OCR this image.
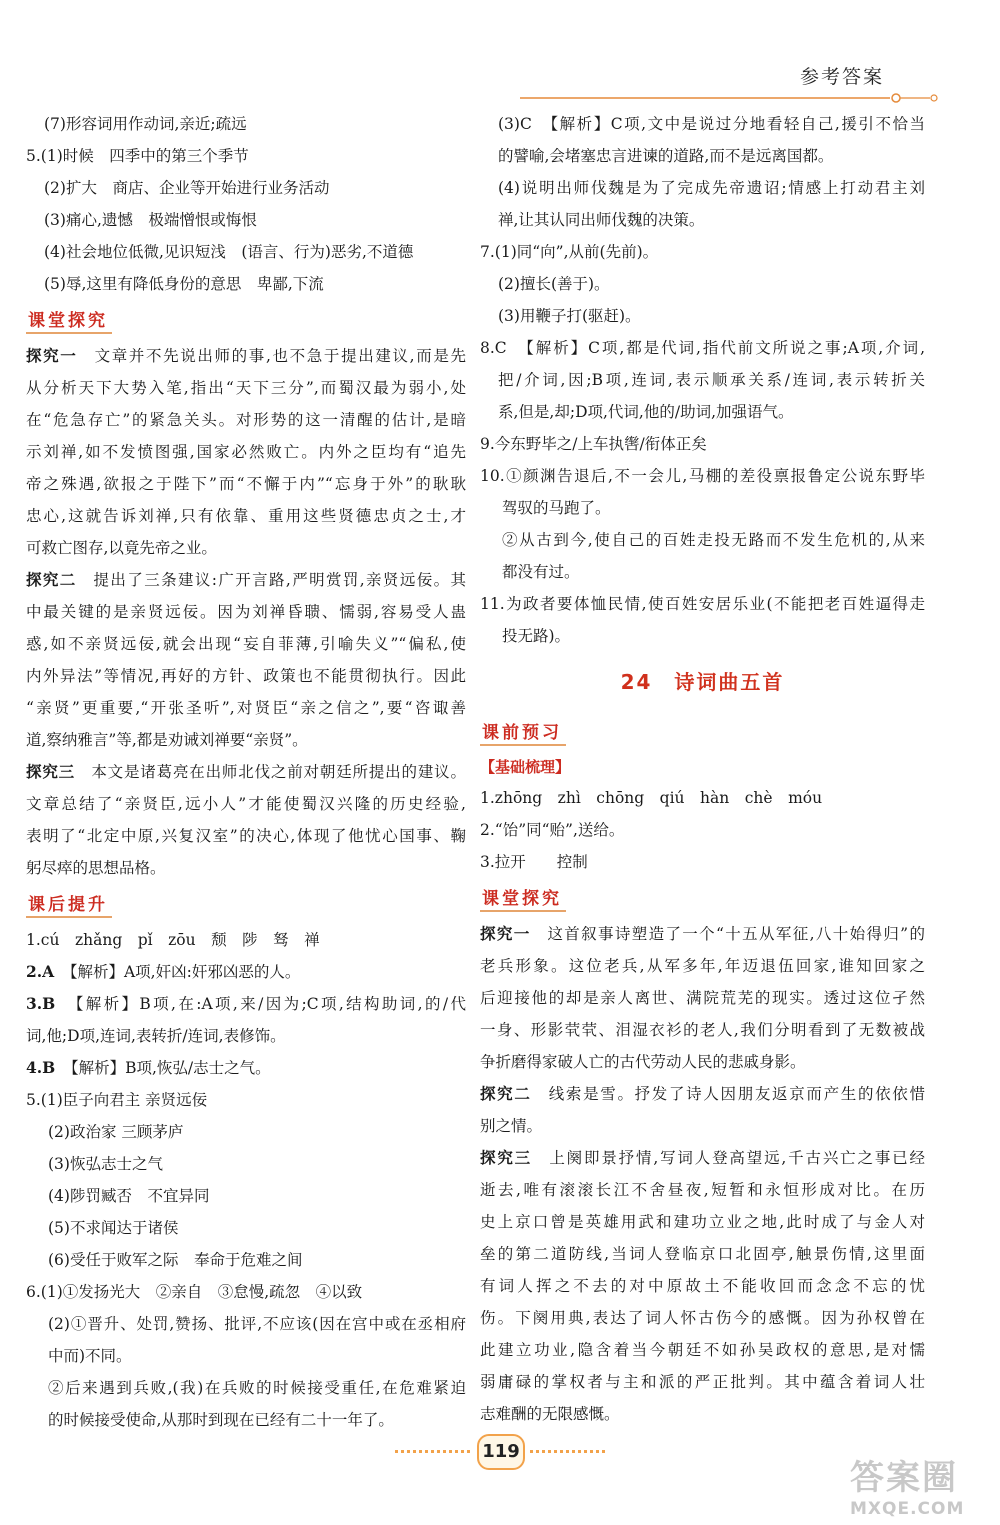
参考答案

(7)形容词用作动词,亲近;疏远

5.(1)时候　四季中的第三个季节

(2)扩大　商店、企业等开始进行业务活动

(3)痛心,遗憾　极端憎恨或悔恨

(4)社会地位低微,见识短浅　(语言、行为)恶劣,不道德

(5)辱,这里有降低身份的意思　卑鄙,下流

课堂探究

探究一　 文章并不先说出师的事,也不急于提出建议,而是先

从分析天下大势入笔,指出“天下三分”,而蜀汉最为弱小,处

在“危急存亡”的紧急关头。对形势的这一清醒的估计,是暗

示刘禅,如不发愤图强,国家必然败亡。内外之臣均有“追先

帝之殊遇,欲报之于陛下”而“不懈于内”“忘身于外”的耿耿

忠心,这就告诉刘禅,只有依靠、重用这些贤德忠贞之士,才

可救亡图存,以竟先帝之业。

探究二　 提出了三条建议:广开言路,严明赏罚,亲贤远佞。其

中最关键的是亲贤远佞。因为刘禅昏聩、懦弱,容易受人蛊

惑,如不亲贤远佞,就会出现“妄自菲薄,引喻失义”“偏私,使

内外异法”等情况,再好的方针、政策也不能贯彻执行。因此

“亲贤”更重要,“开张圣听”,对贤臣“亲之信之”,要“咨诹善

道,察纳雅言”等,都是劝诫刘禅要“亲贤”。

探究三　 本文是诸葛亮在出师北伐之前对朝廷所提出的建议。

文章总结了“亲贤臣,远小人”才能使蜀汉兴隆的历史经验,

表明了“北定中原,兴复汉室”的决心,体现了他忧心国事、鞠

躬尽瘁的思想品格。

课后提升

1.cú　zhǎng　pǐ　zōu　颓　陟　驽　禅

2.A　 【解析】A项,奸凶:奸邪凶恶的人。

3.B　 【解析】B项,在:A项,来/因为;C项,结构助词,的/代

词,他;D项,连词,表转折/连词,表修饰。

4.B　 【解析】B项,恢弘/志士之气。

5.(1)臣子向君主 亲贤远佞

(2)政治家 三顾茅庐

(3)恢弘志士之气

(4)陟罚臧否　不宜异同

(5)不求闻达于诸侯

(6)受任于败军之际　奉命于危难之间

6.(1)①发扬光大　②亲自　③怠慢,疏忽　④以致

(2)①晋升、处罚,赞扬、批评,不应该(因在宫中或在丞相府

中而)不同。

②后来遇到兵败,(我)在兵败的时候接受重任,在危难紧迫

的时候接受使命,从那时到现在已经有二十一年了。

(3)C　【解析】C项,文中是说过分地看轻自己,援引不恰当

的譬喻,会堵塞忠言进谏的道路,而不是远离国都。

(4)说明出师伐魏是为了完成先帝遗诏;情感上打动君主刘

禅,让其认同出师伐魏的决策。

7.(1)同“向”,从前(先前)。

(2)擅长(善于)。

(3)用鞭子打(驱赶)。

8.C　【解析】C项,都是代词,指代前文所说之事;A项,介词,

把/介词,因;B项,连词,表示顺承关系/连词,表示转折关

系,但是,却;D项,代词,他的/助词,加强语气。

9.今东野毕之/上车执辔/衔体正矣

10.①颜渊告退后,不一会儿,马棚的差役禀报鲁定公说东野毕

驾驭的马跑了。

②从古到今,使自己的百姓走投无路而不发生危机的,从来

都没有过。

11.为政者要体恤民情,使百姓安居乐业(不能把老百姓逼得走

投无路)。

24 诗词曲五首
课前预习
【基础梳理】

1.zhōng　zhì　chōng　qiú　hàn　chè　móu

2.“饴”同“贻”,送给。

3.拉开　　控制

课堂探究

探究一　 这首叙事诗塑造了一个“十五从军征,八十始得归”的

老兵形象。这位老兵,从军多年,年迈退伍回家,谁知回家之

后迎接他的却是亲人离世、满院荒芜的现实。透过这位孑然

一身、形影茕茕、泪湿衣衫的老人,我们分明看到了无数被战

争折磨得家破人亡的古代劳动人民的悲戚身影。

探究二　 线索是雪。抒发了诗人因朋友返京而产生的依依惜

别之情。

探究三　 上阕即景抒情,写词人登高望远,千古兴亡之事已经

逝去,唯有滚滚长江不舍昼夜,短暂和永恒形成对比。在历

史上京口曾是英雄用武和建功立业之地,此时成了与金人对

垒的第二道防线,当词人登临京口北固亭,触景伤情,这里面

有词人挥之不去的对中原故土不能收回而念念不忘的忧

伤。下阕用典,表达了词人怀古伤今的感慨。因为孙权曾在

此建立功业,隐含着当今朝廷不如孙吴政权的意思,是对懦

弱庸碌的掌权者与主和派的严正批判。其中蕴含着词人壮

志难酬的无限感慨。

119
答案圈
MXQE.COM
